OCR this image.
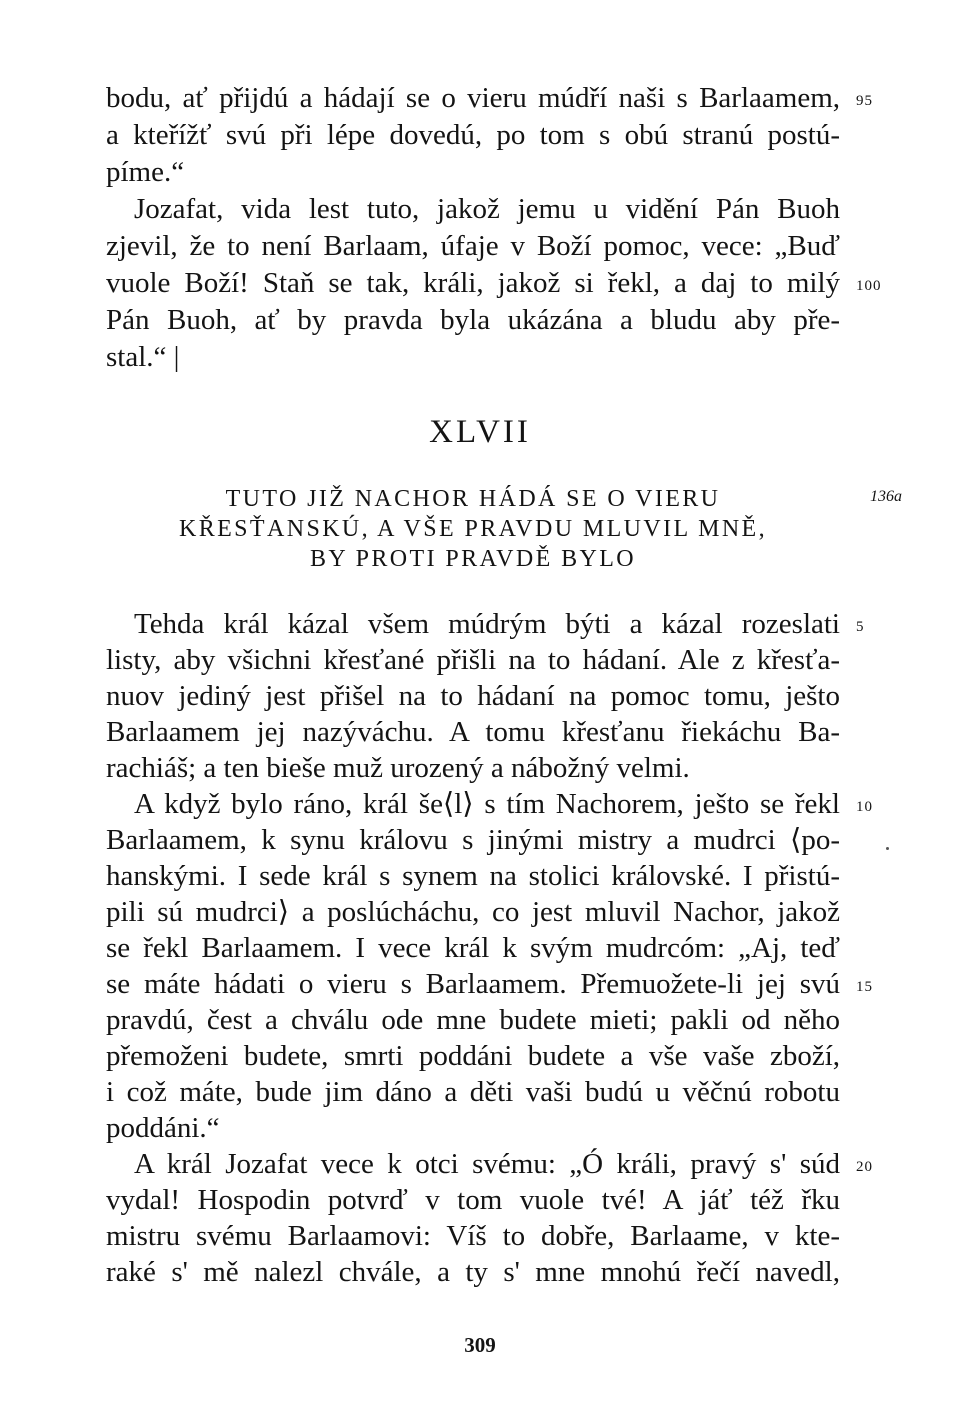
bodu, ať přijdú a hádají se o vieru múdří naši s Barlaamem,
a kteřížť svú při lépe dovedú, po tom s obú stranú postú-
píme.“
Jozafat, vida lest tuto, jakož jemu u vidění Pán Buoh
zjevil, že to není Barlaam, úfaje v Boží pomoc, vece: „Buď
vuole Boží! Staň se tak, králi, jakož si řekl, a daj to milý
Pán Buoh, ať by pravda byla ukázána a bludu aby pře-
stal.“ |
95
100
XLVII
TUTO JIŽ NACHOR HÁDÁ SE O VIERU
KŘESŤANSKÚ, A VŠE PRAVDU MLUVIL MNĚ,
BY PROTI PRAVDĚ BYLO
136a
Tehda král kázal všem múdrým býti a kázal rozeslati
listy, aby všichni křesťané přišli na to hádaní. Ale z křesťa-
nuov jediný jest přišel na to hádaní na pomoc tomu, ješto
Barlaamem jej nazýváchu. A tomu křesťanu řiekáchu Ba-
rachiáš; a ten bieše muž urozený a nábožný velmi.
A když bylo ráno, král še⟨l⟩ s tím Nachorem, ješto se řekl
Barlaamem, k synu královu s jinými mistry a mudrci ⟨po-
hanskými. I sede král s synem na stolici královské. I přistú-
pili sú mudrci⟩ a poslúcháchu, co jest mluvil Nachor, jakož
se řekl Barlaamem. I vece král k svým mudrcóm: „Aj, teď
se máte hádati o vieru s Barlaamem. Přemuožete-li jej svú
pravdú, čest a chválu ode mne budete mieti; pakli od něho
přemoženi budete, smrti poddáni budete a vše vaše zboží,
i což máte, bude jim dáno a děti vaši budú u věčnú robotu
poddáni.“
A král Jozafat vece k otci svému: „Ó králi, pravý s' súd
vydal! Hospodin potvrď v tom vuole tvé! A jáť též řku
mistru svému Barlaamovi: Víš to dobře, Barlaame, v kte-
raké s' mě nalezl chvále, a ty s' mne mnohú řečí navedl,
5
10
15
20
309
